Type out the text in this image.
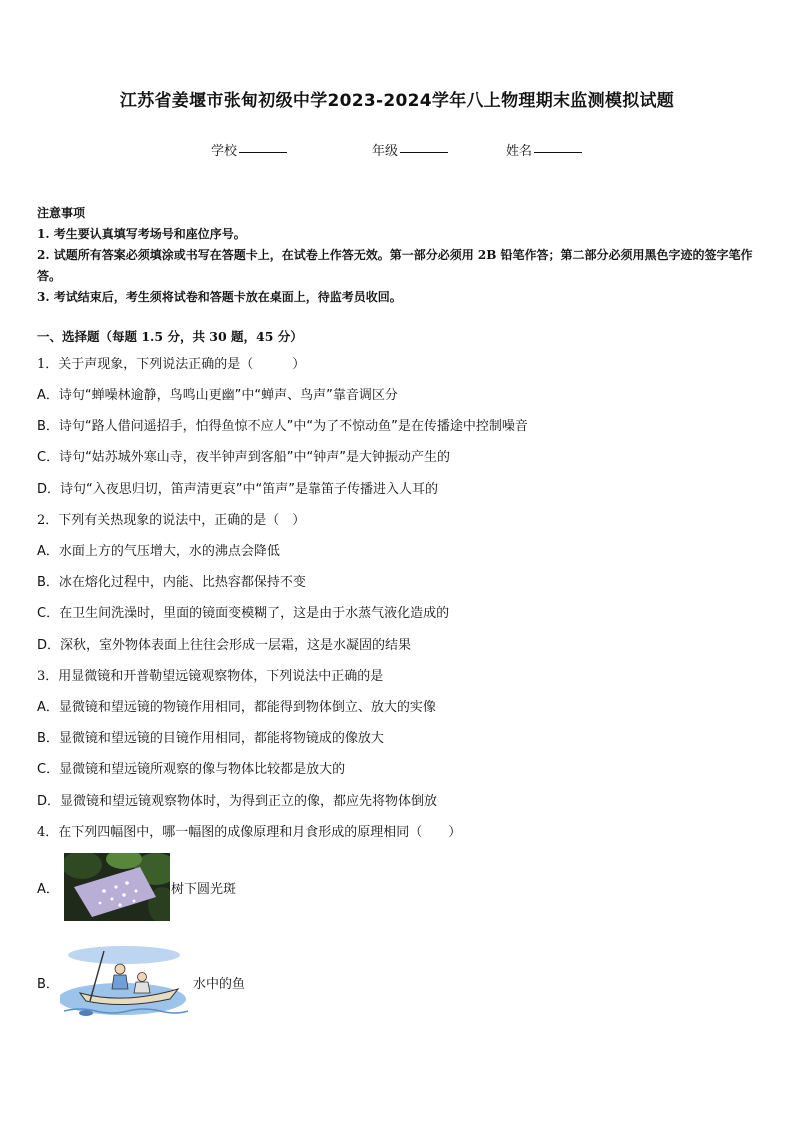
江苏省姜堰市张甸初级中学2023-2024学年八上物理期末监测模拟试题
学校	年级	姓名
注意事项
1. 考生要认真填写考场号和座位序号。
2. 试题所有答案必须填涂或书写在答题卡上，在试卷上作答无效。第一部分必须用 2B 铅笔作答；第二部分必须用黑色字迹的签字笔作答。
3. 考试结束后，考生须将试卷和答题卡放在桌面上，待监考员收回。
一、选择题（每题 1.5 分，共 30 题，45 分）
1．关于声现象，下列说法正确的是（　　　）
A．诗句“蝉噪林逾静，鸟鸣山更幽”中“蝉声、鸟声”靠音调区分
B．诗句“路人借问遥招手，怕得鱼惊不应人”中“为了不惊动鱼”是在传播途中控制噪音
C．诗句“姑苏城外寒山寺，夜半钟声到客船”中“钟声”是大钟振动产生的
D．诗句“入夜思归切，笛声清更哀”中“笛声”是靠笛子传播进入人耳的
2．下列有关热现象的说法中，正确的是（　）
A．水面上方的气压增大，水的沸点会降低
B．冰在熔化过程中，内能、比热容都保持不变
C．在卫生间洗澡时，里面的镜面变模糊了，这是由于水蒸气液化造成的
D．深秋，室外物体表面上往往会形成一层霜，这是水凝固的结果
3．用显微镜和开普勒望远镜观察物体，下列说法中正确的是
A．显微镜和望远镜的物镜作用相同，都能得到物体倒立、放大的实像
B．显微镜和望远镜的目镜作用相同，都能将物镜成的像放大
C．显微镜和望远镜所观察的像与物体比较都是放大的
D．显微镜和望远镜观察物体时，为得到正立的像，都应先将物体倒放
4．在下列四幅图中，哪一幅图的成像原理和月食形成的原理相同（　　）
A．	树下圆光斑
B．	水中的鱼
